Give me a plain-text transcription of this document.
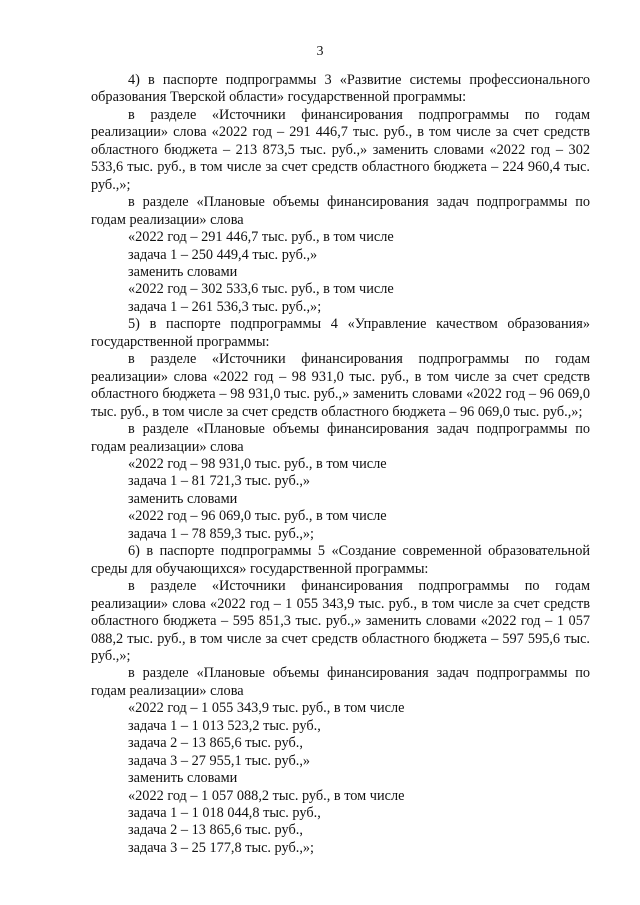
3

4) в паспорте подпрограммы 3 «Развитие системы профессионального образования Тверской области» государственной программы:

в разделе «Источники финансирования подпрограммы по годам реализации» слова «2022 год – 291 446,7 тыс. руб., в том числе за счет средств областного бюджета – 213 873,5 тыс. руб.,» заменить словами «2022 год – 302 533,6 тыс. руб., в том числе за счет средств областного бюджета – 224 960,4 тыс. руб.,»;

в разделе «Плановые объемы финансирования задач подпрограммы по годам реализации» слова

«2022 год – 291 446,7 тыс. руб., в том числе

задача 1 – 250 449,4 тыс. руб.,»

заменить словами

«2022 год – 302 533,6 тыс. руб., в том числе

задача 1 – 261 536,3 тыс. руб.,»;

5) в паспорте подпрограммы 4 «Управление качеством образования» государственной программы:

в разделе «Источники финансирования подпрограммы по годам реализации» слова «2022 год – 98 931,0 тыс. руб., в том числе за счет средств областного бюджета – 98 931,0 тыс. руб.,» заменить словами «2022 год – 96 069,0 тыс. руб., в том числе за счет средств областного бюджета – 96 069,0 тыс. руб.,»;

в разделе «Плановые объемы финансирования задач подпрограммы по годам реализации» слова

«2022 год – 98 931,0 тыс. руб., в том числе

задача 1 – 81 721,3 тыс. руб.,»

заменить словами

«2022 год – 96 069,0 тыс. руб., в том числе

задача 1 – 78 859,3 тыс. руб.,»;

6) в паспорте подпрограммы 5 «Создание современной образовательной среды для обучающихся» государственной программы:

в разделе «Источники финансирования подпрограммы по годам реализации» слова «2022 год – 1 055 343,9 тыс. руб., в том числе за счет средств областного бюджета – 595 851,3 тыс. руб.,» заменить словами «2022 год – 1 057 088,2 тыс. руб., в том числе за счет средств областного бюджета – 597 595,6 тыс. руб.,»;

в разделе «Плановые объемы финансирования задач подпрограммы по годам реализации» слова

«2022 год – 1 055 343,9 тыс. руб., в том числе

задача 1 – 1 013 523,2 тыс. руб.,

задача 2 – 13 865,6 тыс. руб.,

задача 3 – 27 955,1 тыс. руб.,»

заменить словами

«2022 год – 1 057 088,2 тыс. руб., в том числе

задача 1 – 1 018 044,8 тыс. руб.,

задача 2 – 13 865,6 тыс. руб.,

задача 3 – 25 177,8 тыс. руб.,»;
